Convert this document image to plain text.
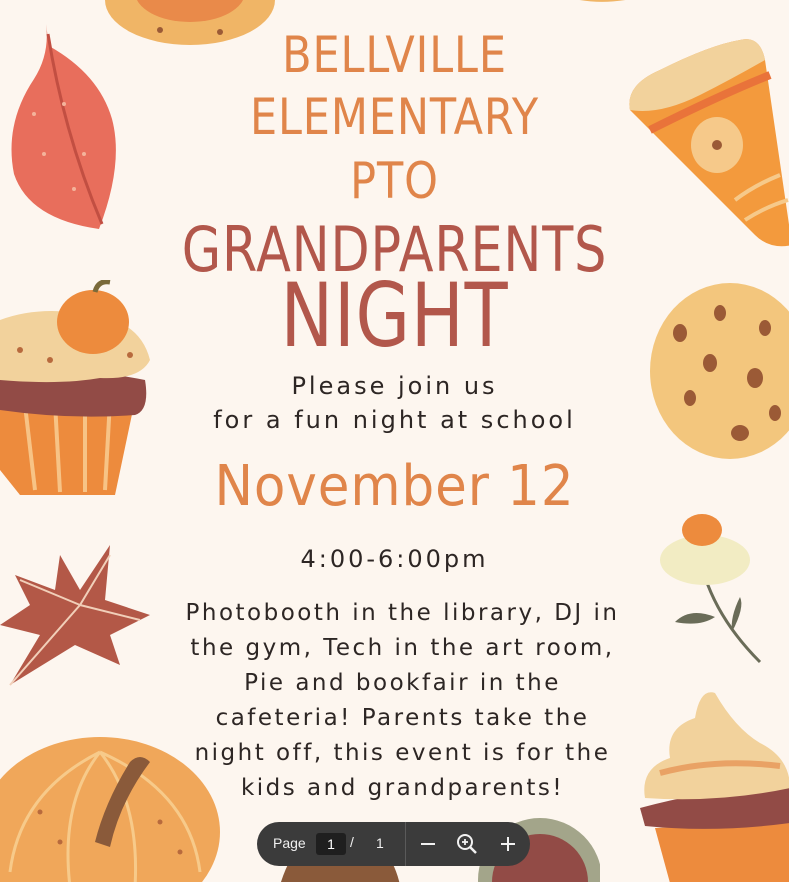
BELLVILLE
ELEMENTARY
PTO
GRANDPARENTS
NIGHT
Please join us
for a fun night at school
November 12
4:00-6:00pm
Photobooth in the library, DJ in
the gym, Tech in the art room,
Pie and bookfair in the
cafeteria! Parents take the
night off, this event is for the
kids and grandparents!
Page
1	/ 1
